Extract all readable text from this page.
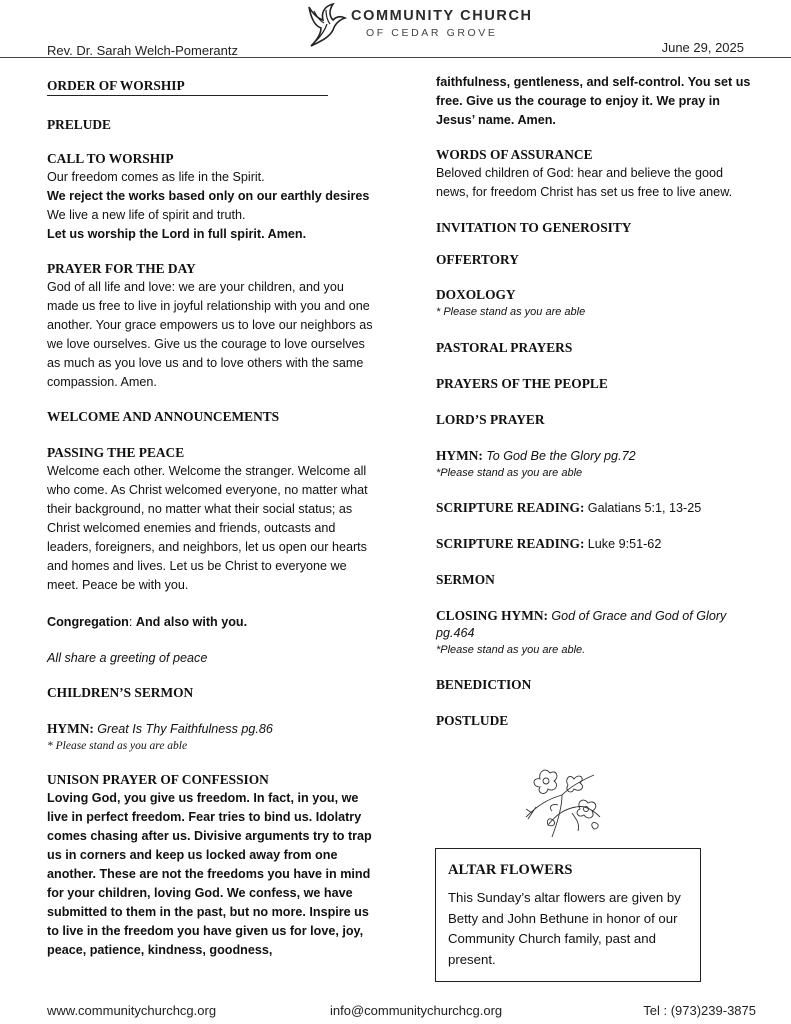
COMMUNITY CHURCH
OF CEDAR GROVE
Rev. Dr. Sarah Welch-Pomerantz	June 29, 2025
ORDER OF WORSHIP

PRELUDE

CALL TO WORSHIP

Our freedom comes as life in the Spirit.

We reject the works based only on our earthly desires

We live a new life of spirit and truth.

Let us worship the Lord in full spirit. Amen.

PRAYER FOR THE DAY

God of all life and love: we are your children, and you made us free to live in joyful relationship with you and one another. Your grace empowers us to love our neighbors as we love ourselves. Give us the courage to love ourselves as much as you love us and to love others with the same compassion. Amen.

WELCOME AND ANNOUNCEMENTS

PASSING THE PEACE

Welcome each other. Welcome the stranger. Welcome all who come. As Christ welcomed everyone, no matter what their background, no matter what their social status; as Christ welcomed enemies and friends, outcasts and leaders, foreigners, and neighbors, let us open our hearts and homes and lives. Let us be Christ to everyone we meet. Peace be with you.

Congregation: And also with you.

All share a greeting of peace

CHILDREN’S SERMON

HYMN: Great Is Thy Faithfulness pg.86

* Please stand as you are able

UNISON PRAYER OF CONFESSION

Loving God, you give us freedom. In fact, in you, we live in perfect freedom. Fear tries to bind us. Idolatry comes chasing after us. Divisive arguments try to trap us in corners and keep us locked away from one another. These are not the freedoms you have in mind for your children, loving God. We confess, we have submitted to them in the past, but no more. Inspire us to live in the freedom you have given us for love, joy, peace, patience, kindness, goodness,

faithfulness, gentleness, and self-control. You set us free. Give us the courage to enjoy it. We pray in Jesus’ name. Amen.

WORDS OF ASSURANCE

Beloved children of God: hear and believe the good news, for freedom Christ has set us free to live anew.

INVITATION TO GENEROSITY

OFFERTORY

DOXOLOGY

* Please stand as you are able

PASTORAL PRAYERS

PRAYERS OF THE PEOPLE

LORD’S PRAYER

HYMN: To God Be the Glory pg.72

*Please stand as you are able

SCRIPTURE READING: Galatians 5:1, 13-25

SCRIPTURE READING: Luke 9:51-62

SERMON

CLOSING HYMN: God of Grace and God of Glory

pg.464

*Please stand as you are able.

BENEDICTION

POSTLUDE

ALTAR FLOWERS

This Sunday’s altar flowers are given by Betty and John Bethune in honor of our Community Church family, past and present.

www.communitychurchcg.org	info@communitychurchcg.org	Tel : (973)239-3875
